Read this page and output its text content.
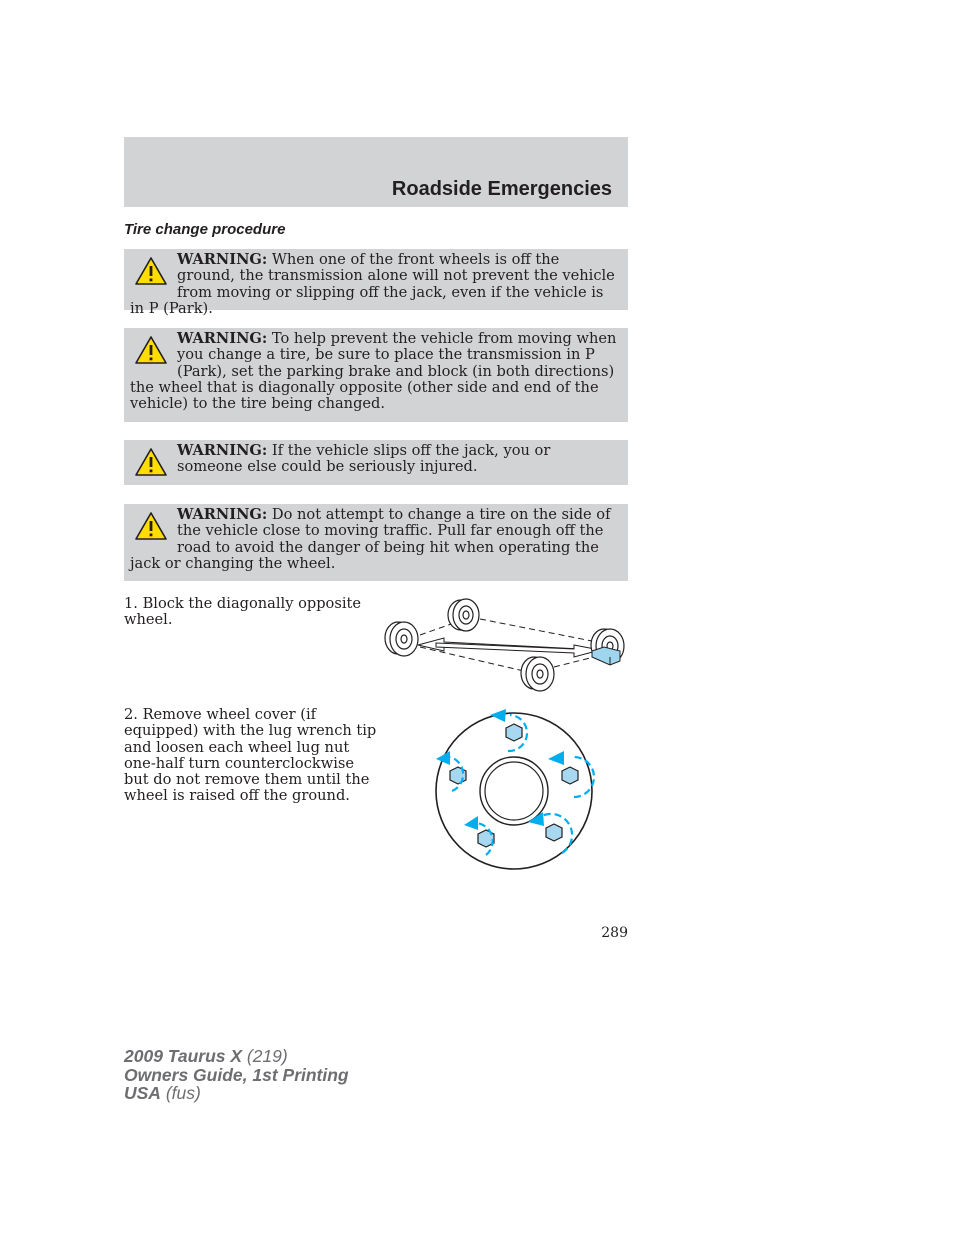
Roadside Emergencies
Tire change procedure
WARNING: When one of the front wheels is off the ground, the transmission alone will not prevent the vehicle from moving or slipping off the jack, even if the vehicle is in P (Park).
WARNING: To help prevent the vehicle from moving when you change a tire, be sure to place the transmission in P (Park), set the parking brake and block (in both directions) the wheel that is diagonally opposite (other side and end of the vehicle) to the tire being changed.
WARNING: If the vehicle slips off the jack, you or someone else could be seriously injured.
WARNING: Do not attempt to change a tire on the side of the vehicle close to moving traffic. Pull far enough off the road to avoid the danger of being hit when operating the jack or changing the wheel.

1. Block the diagonally opposite wheel.

2. Remove wheel cover (if equipped) with the lug wrench tip and loosen each wheel lug nut one-half turn counterclockwise but do not remove them until the wheel is raised off the ground.

289
2009 Taurus X (219)
Owners Guide, 1st Printing
USA (fus)
